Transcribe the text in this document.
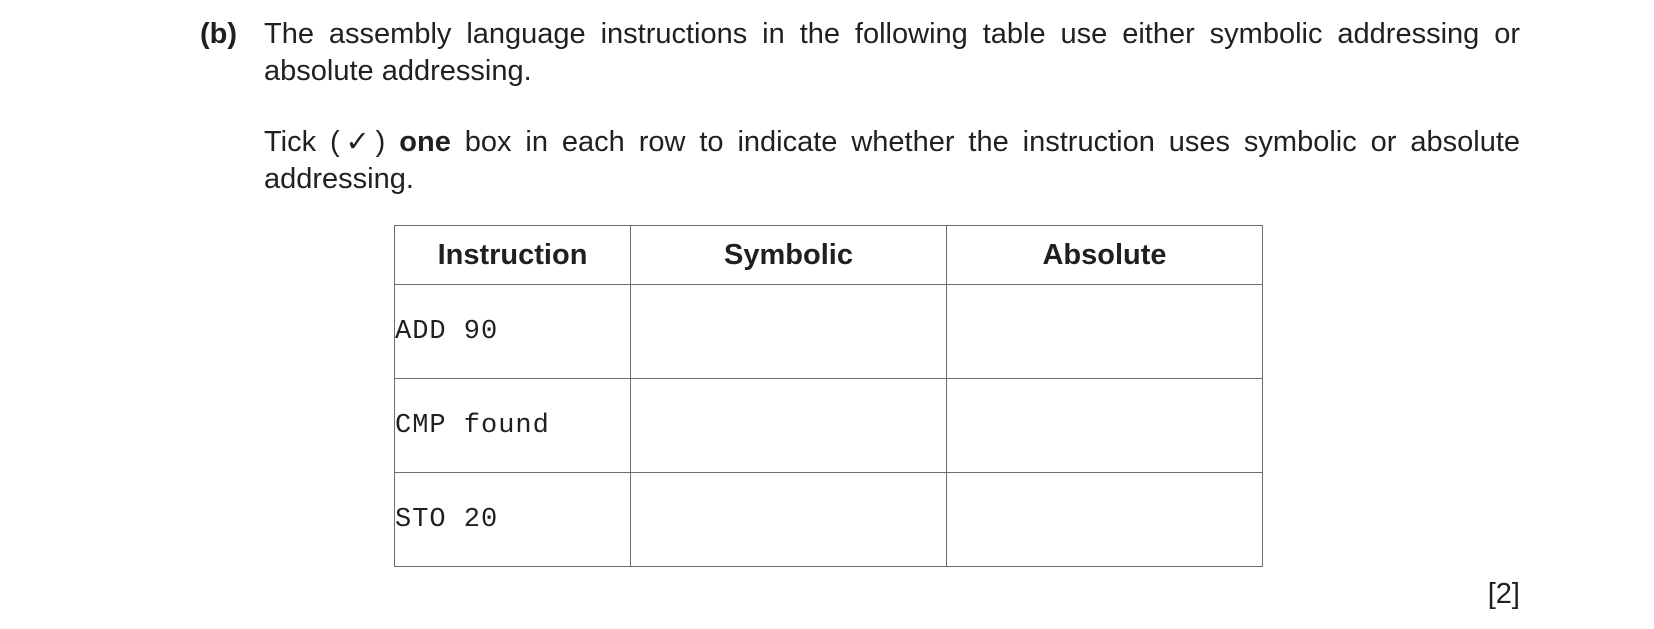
(b) The assembly language instructions in the following table use either symbolic addressing or absolute addressing.
Tick (✓) one box in each row to indicate whether the instruction uses symbolic or absolute addressing.
Instruction	Symbolic	Absolute
ADD 90		
CMP found		
STO 20		
[2]
